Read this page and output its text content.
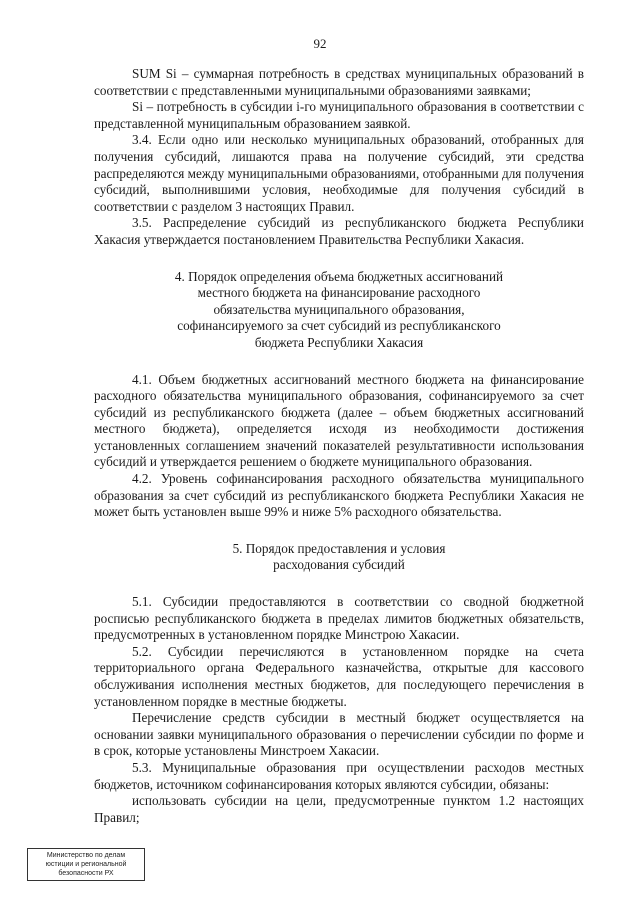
92

SUM Si – суммарная потребность в средствах муниципальных образований в соответствии с представленными муниципальными образованиями заявками;

Si – потребность в субсидии i-го муниципального образования в соответствии с представленной муниципальным образованием заявкой.

3.4. Если одно или несколько муниципальных образований, отобранных для получения субсидий, лишаются права на получение субсидий, эти средства распределяются между муниципальными образованиями, отобранными для получения субсидий, выполнившими условия, необходимые для получения субсидий в соответствии с разделом 3 настоящих Правил.

3.5. Распределение субсидий из республиканского бюджета Республики Хакасия утверждается постановлением Правительства Республики Хакасия.

4. Порядок определения объема бюджетных ассигнований
местного бюджета на финансирование расходного
обязательства муниципального образования,
софинансируемого за счет субсидий из республиканского
бюджета Республики Хакасия

4.1. Объем бюджетных ассигнований местного бюджета на финансирование расходного обязательства муниципального образования, софинансируемого за счет субсидий из республиканского бюджета (далее – объем бюджетных ассигнований местного бюджета), определяется исходя из необходимости достижения установленных соглашением значений показателей результативности использования субсидий и утверждается решением о бюджете муниципального образования.

4.2. Уровень софинансирования расходного обязательства муниципального образования за счет субсидий из республиканского бюджета Республики Хакасия не может быть установлен выше 99% и ниже 5% расходного обязательства.

5. Порядок предоставления и условия
расходования субсидий

5.1. Субсидии предоставляются в соответствии со сводной бюджетной росписью республиканского бюджета в пределах лимитов бюджетных обязательств, предусмотренных в установленном порядке Минстрою Хакасии.

5.2. Субсидии перечисляются в установленном порядке на счета территориального органа Федерального казначейства, открытые для кассового обслуживания исполнения местных бюджетов, для последующего перечисления в установленном порядке в местные бюджеты.

Перечисление средств субсидии в местный бюджет осуществляется на основании заявки муниципального образования о перечислении субсидии по форме и в срок, которые установлены Минстроем Хакасии.

5.3. Муниципальные образования при осуществлении расходов местных бюджетов, источником софинансирования которых являются субсидии, обязаны:

использовать субсидии на цели, предусмотренные пунктом 1.2 настоящих Правил;

Министерство по делам
юстиции и региональной
безопасности РХ
